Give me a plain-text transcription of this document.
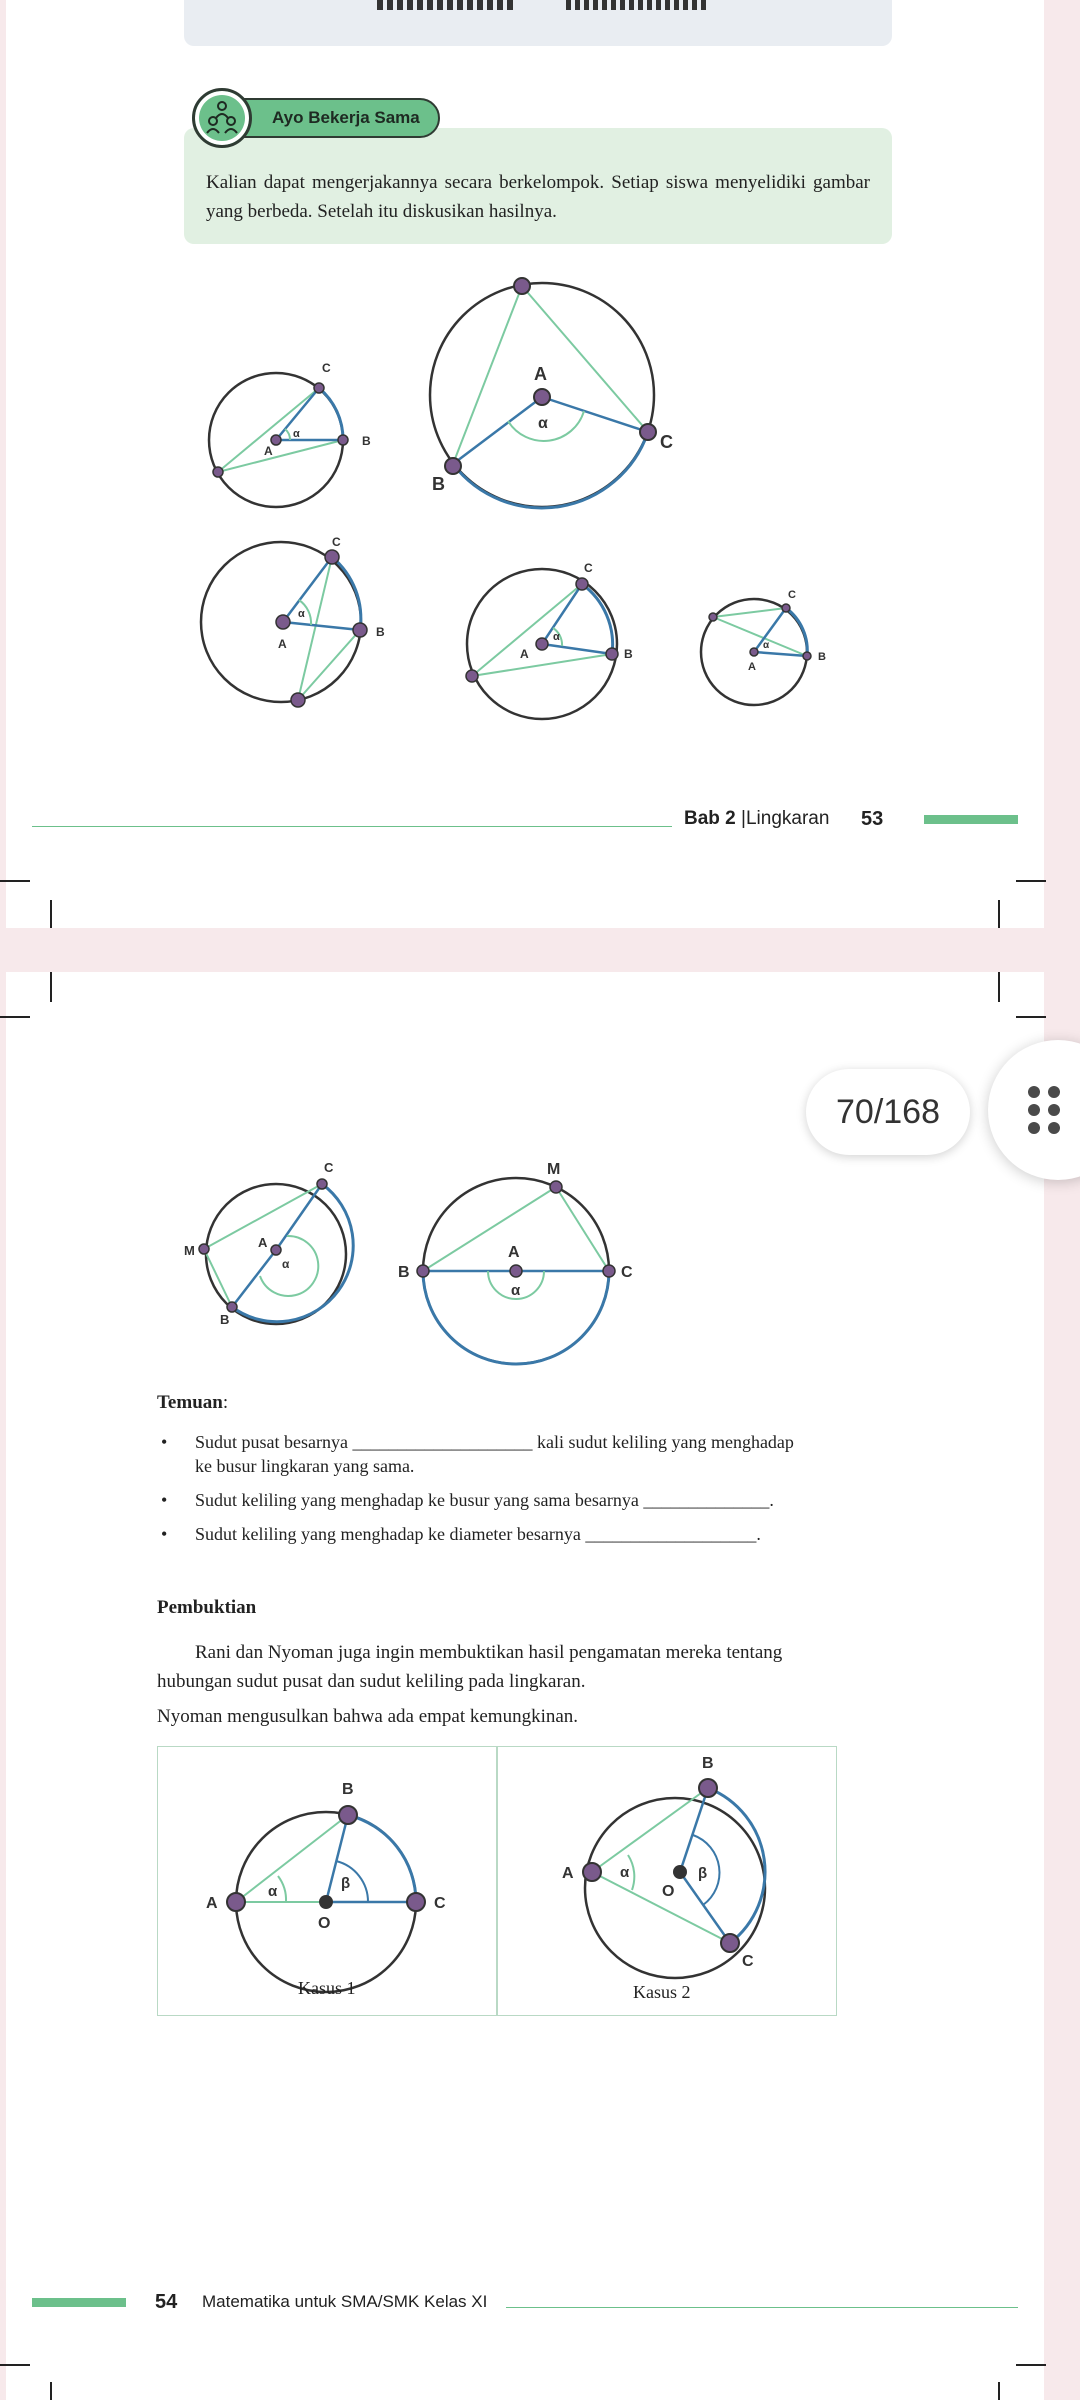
Ayo Bekerja Sama
Kalian dapat mengerjakannya secara berkelompok. Setiap siswa menyelidiki gambar yang berbeda. Setelah itu diskusikan hasilnya.
C
B
A
α
A
α
B
C
C
B
A
α
C
B
A
α
C
B
A
α
Bab 2 |Lingkaran 53
C
M
A
α
B
M
A
α
B	C
Temuan:
• Sudut pusat besarnya ____________________ kali sudut keliling yang menghadap
ke busur lingkaran yang sama.
• Sudut keliling yang menghadap ke busur yang sama besarnya ______________.
• Sudut keliling yang menghadap ke diameter besarnya ___________________.
Pembuktian
Rani dan Nyoman juga ingin membuktikan hasil pengamatan mereka tentang
hubungan sudut pusat dan sudut keliling pada lingkaran.
Nyoman mengusulkan bahwa ada empat kemungkinan.
B
A	C
O
α	β
B
A
C
O
α	β
Kasus 1	Kasus 2
54 Matematika untuk SMA/SMK Kelas XI
70/168
